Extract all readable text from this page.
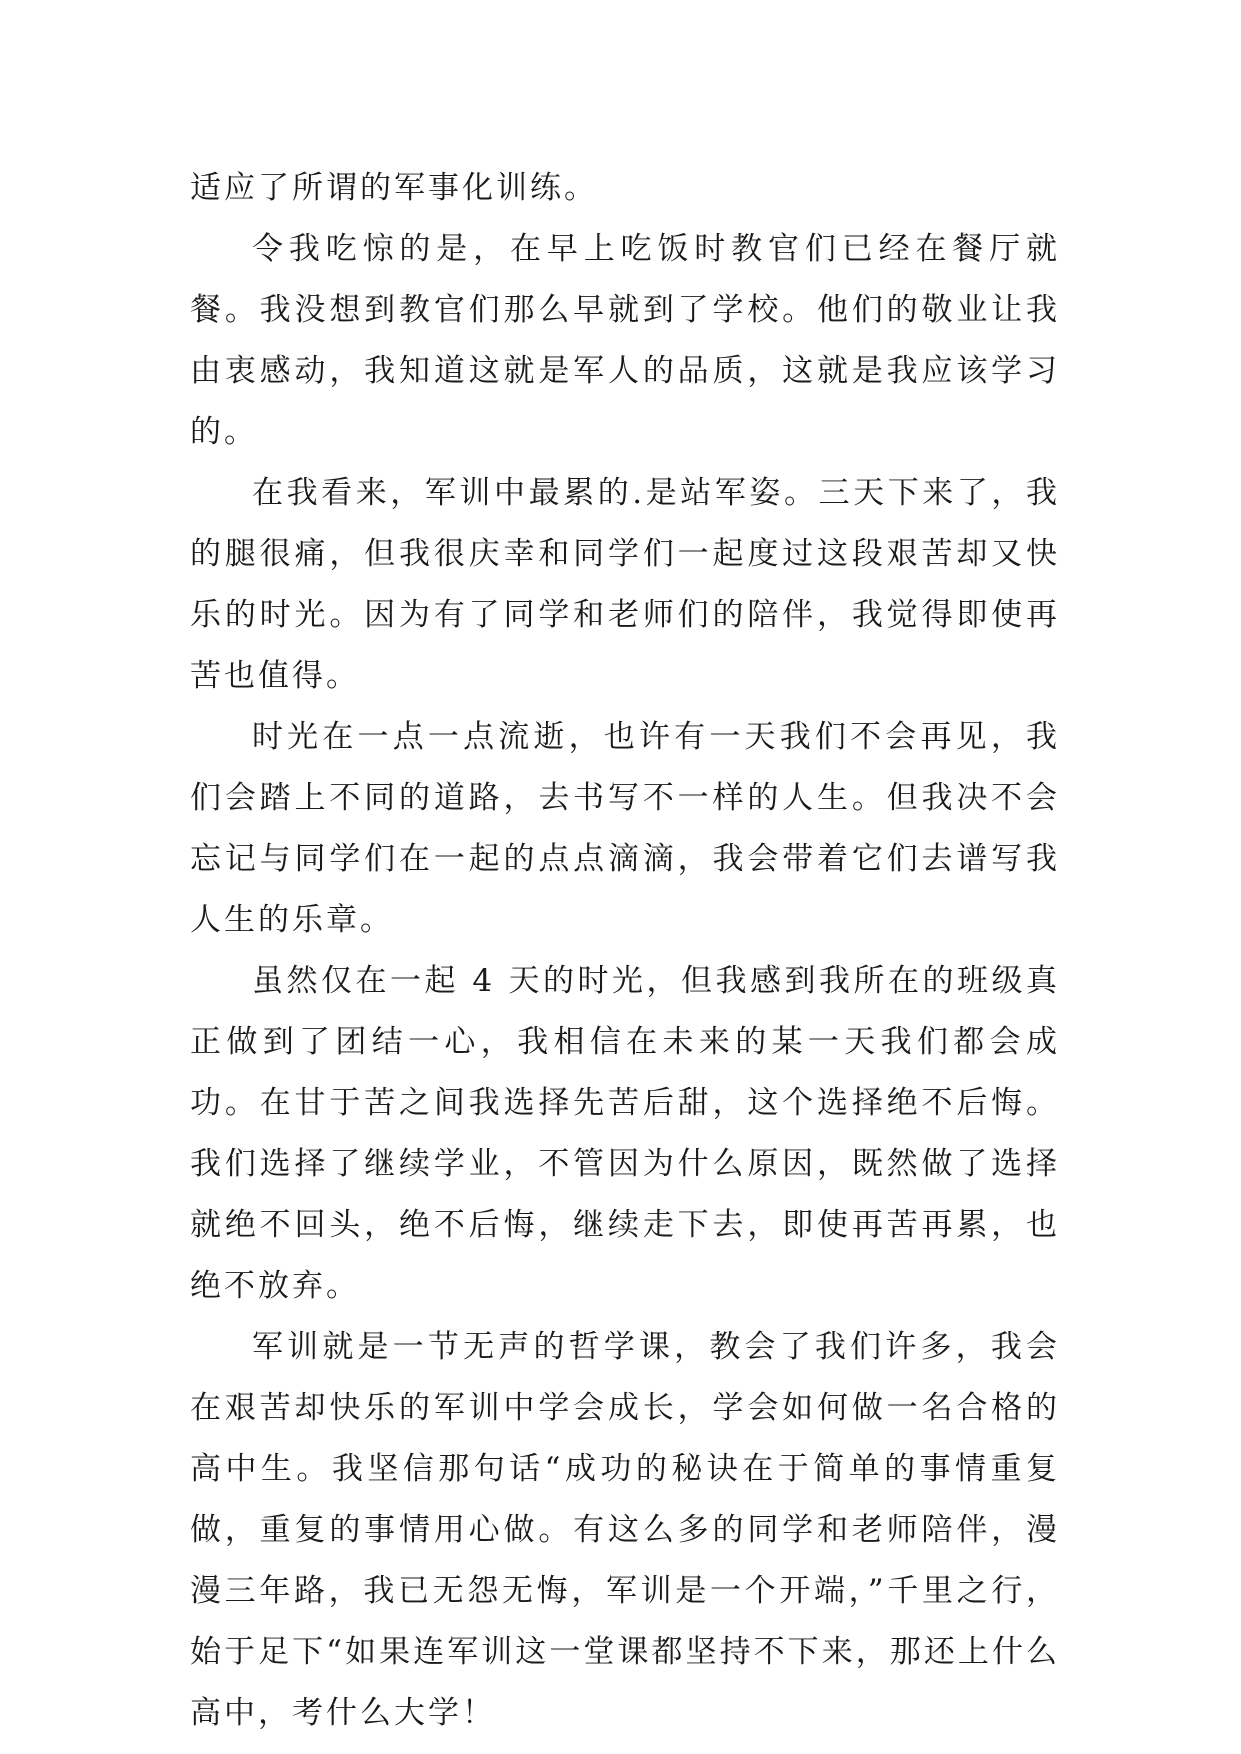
适应了所谓的军事化训练。

令我吃惊的是，在早上吃饭时教官们已经在餐厅就餐。我没想到教官们那么早就到了学校。他们的敬业让我由衷感动，我知道这就是军人的品质，这就是我应该学习的。

在我看来，军训中最累的.是站军姿。三天下来了，我的腿很痛，但我很庆幸和同学们一起度过这段艰苦却又快乐的时光。因为有了同学和老师们的陪伴，我觉得即使再苦也值得。

时光在一点一点流逝，也许有一天我们不会再见，我们会踏上不同的道路，去书写不一样的人生。但我决不会忘记与同学们在一起的点点滴滴，我会带着它们去谱写我人生的乐章。

虽然仅在一起 4 天的时光，但我感到我所在的班级真正做到了团结一心，我相信在未来的某一天我们都会成功。在甘于苦之间我选择先苦后甜，这个选择绝不后悔。我们选择了继续学业，不管因为什么原因，既然做了选择就绝不回头，绝不后悔，继续走下去，即使再苦再累，也绝不放弃。

军训就是一节无声的哲学课，教会了我们许多，我会在艰苦却快乐的军训中学会成长，学会如何做一名合格的高中生。我坚信那句话“成功的秘诀在于简单的事情重复做，重复的事情用心做。有这么多的同学和老师陪伴，漫漫三年路，我已无怨无悔，军训是一个开端，”千里之行，始于足下“如果连军训这一堂课都坚持不下来，那还上什么高中，考什么大学！
